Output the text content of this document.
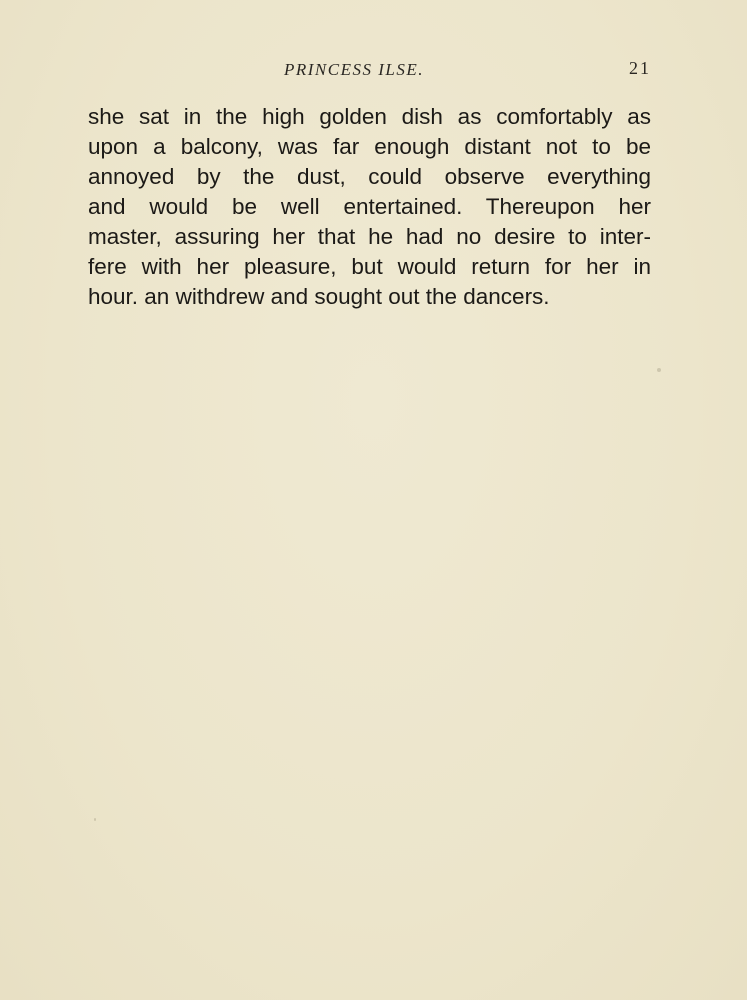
PRINCESS ILSE.	21
she sat in the high golden dish as comfortably as
upon a balcony, was far enough distant not to be
annoyed by the dust, could observe everything
and would be well entertained. Thereupon her
master, assuring her that he had no desire to inter-
fere with her pleasure, but would return for her in
hour. an withdrew and sought out the dancers.
